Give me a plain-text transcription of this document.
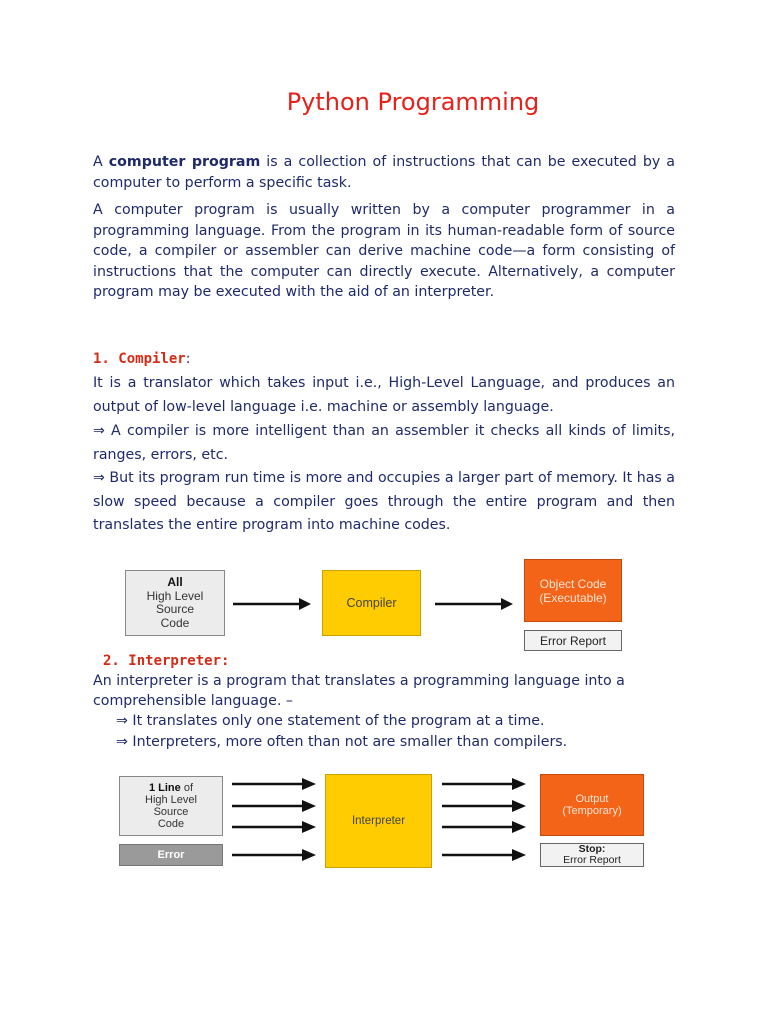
Python Programming
A computer program is a collection of instructions that can be executed by a computer to perform a specific task.
A computer program is usually written by a computer programmer in a programming language. From the program in its human-readable form of source code, a compiler or assembler can derive machine code—a form consisting of instructions that the computer can directly execute. Alternatively, a computer program may be executed with the aid of an interpreter.
1. Compiler:
It is a translator which takes input i.e., High-Level Language, and produces an output of low-level language i.e. machine or assembly language.
⇒ A compiler is more intelligent than an assembler it checks all kinds of limits, ranges, errors, etc.
⇒ But its program run time is more and occupies a larger part of memory. It has a slow speed because a compiler goes through the entire program and then translates the entire program into machine codes.
All
High Level
Source
Code
Compiler
Object Code
(Executable)
Error Report
2. Interpreter:
An interpreter is a program that translates a programming language into a comprehensible language. –
⇒ It translates only one statement of the program at a time.
⇒ Interpreters, more often than not are smaller than compilers.
1 Line of
High Level
Source
Code
Error
Interpreter
Output
(Temporary)
Stop:
Error Report
